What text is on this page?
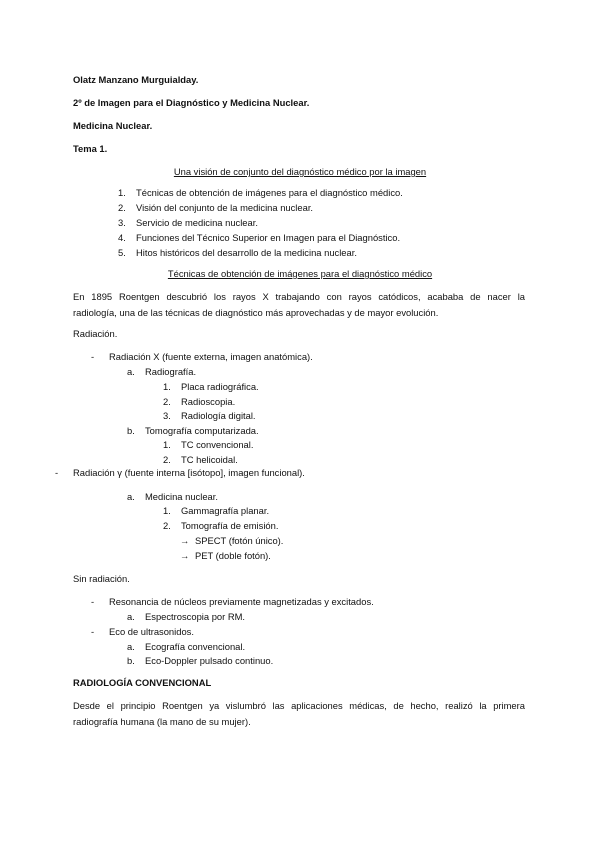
Olatz Manzano Murguialday.
2º de Imagen para el Diagnóstico y Medicina Nuclear.
Medicina Nuclear.
Tema 1.
Una visión de conjunto del diagnóstico médico por la imagen
1. Técnicas de obtención de imágenes para el diagnóstico médico.
2. Visión del conjunto de la medicina nuclear.
3. Servicio de medicina nuclear.
4. Funciones del Técnico Superior en Imagen para el Diagnóstico.
5. Hitos históricos del desarrollo de la medicina nuclear.
Técnicas de obtención de imágenes para el diagnóstico médico
En 1895 Roentgen descubrió los rayos X trabajando con rayos catódicos, acababa de nacer la
radiología, una de las técnicas de diagnóstico más aprovechadas y de mayor evolución.
Radiación.
- Radiación X (fuente externa, imagen anatómica).
a. Radiografía.
1. Placa radiográfica.
2. Radioscopia.
3. Radiología digital.
b. Tomografía computarizada.
1. TC convencional.
2. TC helicoidal.
- Radiación γ (fuente interna [isótopo], imagen funcional).
a. Medicina nuclear.
1. Gammagrafía planar.
2. Tomografía de emisión.
→ SPECT (fotón único).
→ PET (doble fotón).
Sin radiación.
- Resonancia de núcleos previamente magnetizadas y excitados.
a. Espectroscopia por RM.
- Eco de ultrasonidos.
a. Ecografía convencional.
b. Eco-Doppler pulsado continuo.
RADIOLOGÍA CONVENCIONAL
Desde el principio Roentgen ya vislumbró las aplicaciones médicas, de hecho, realizó la primera
radiografía humana (la mano de su mujer).
